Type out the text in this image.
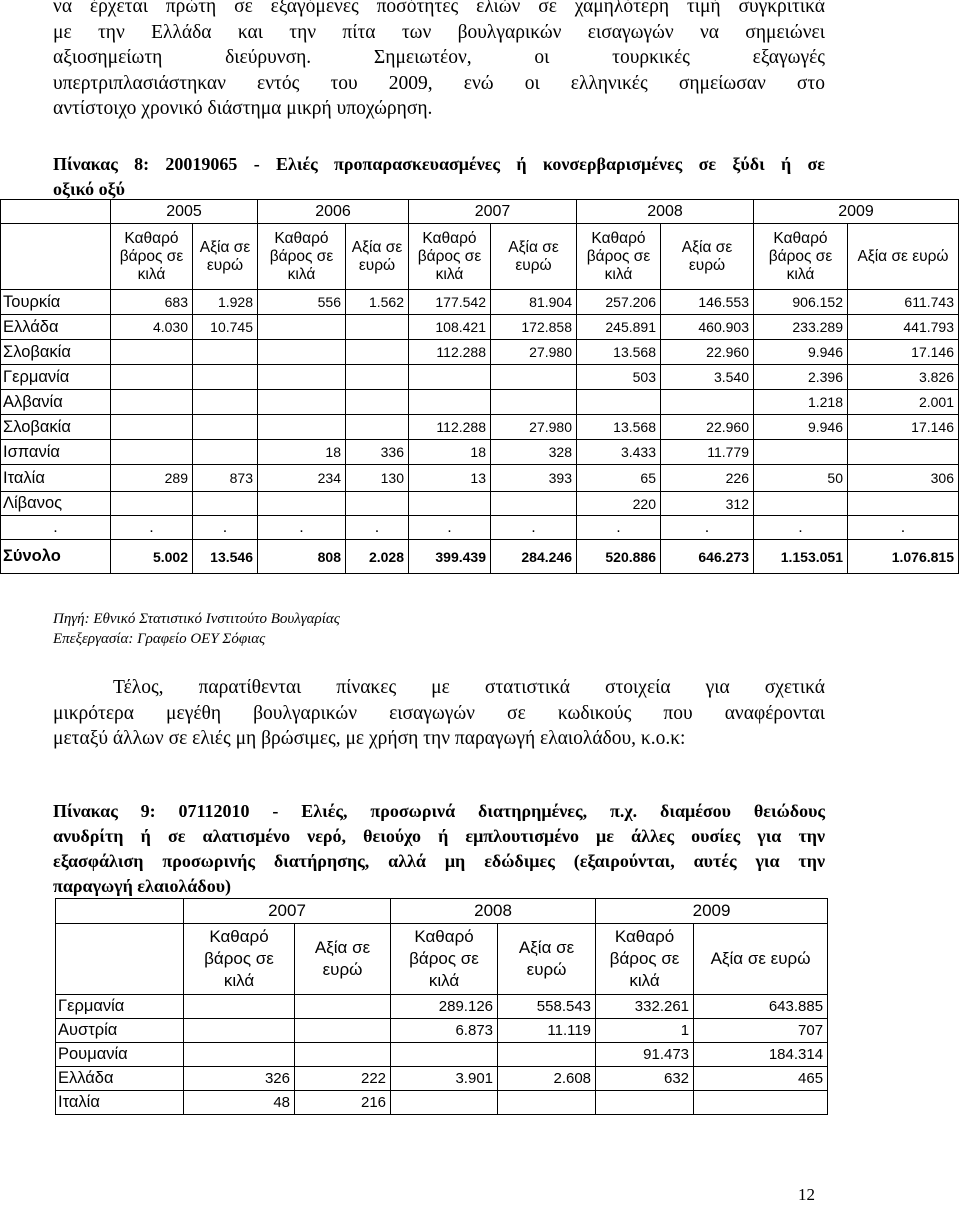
να έρχεται πρώτη σε εξαγόμενες ποσότητες ελιών σε χαμηλότερη τιμή συγκριτικά
με την Ελλάδα και την πίτα των βουλγαρικών εισαγωγών να σημειώνει
αξιοσημείωτη διεύρυνση. Σημειωτέον, οι τουρκικές εξαγωγές
υπερτριπλασιάστηκαν εντός του 2009, ενώ οι ελληνικές σημείωσαν στο
αντίστοιχο χρονικό διάστημα μικρή υποχώρηση.
Πίνακας 8: 20019065 - Ελιές προπαρασκευασμένες ή κονσερβαρισμένες σε ξύδι ή σε
οξικό οξύ
	2005		2006		2007		2008		2009	
	Καθαρό βάρος σε κιλά	Αξία σε ευρώ	Καθαρό βάρος σε κιλά	Αξία σε ευρώ	Καθαρό βάρος σε κιλά	Αξία σε ευρώ	Καθαρό βάρος σε κιλά	Αξία σε ευρώ	Καθαρό βάρος σε κιλά	Αξία σε ευρώ
Τουρκία	683	1.928	556	1.562	177.542	81.904	257.206	146.553	906.152	611.743
Ελλάδα	4.030	10.745			108.421	172.858	245.891	460.903	233.289	441.793
Σλοβακία					112.288	27.980	13.568	22.960	9.946	17.146
Γερμανία							503	3.540	2.396	3.826
Αλβανία									1.218	2.001
Σλοβακία					112.288	27.980	13.568	22.960	9.946	17.146
Ισπανία			18	336	18	328	3.433	11.779		
Ιταλία	289	873	234	130	13	393	65	226	50	306
Λίβανος							220	312		
.	.	.	.	.	.	.	.	.	.	.
Σύνολο	5.002	13.546	808	2.028	399.439	284.246	520.886	646.273	1.153.051	1.076.815
Πηγή: Εθνικό Στατιστικό Ινστιτούτο Βουλγαρίας
Επεξεργασία: Γραφείο ΟΕΥ Σόφιας
Τέλος, παρατίθενται πίνακες με στατιστικά στοιχεία για σχετικά
μικρότερα μεγέθη βουλγαρικών εισαγωγών σε κωδικούς που αναφέρονται
μεταξύ άλλων σε ελιές μη βρώσιμες, με χρήση την παραγωγή ελαιολάδου, κ.ο.κ:
Πίνακας 9: 07112010 - Ελιές, προσωρινά διατηρημένες, π.χ. διαμέσου θειώδους
ανυδρίτη ή σε αλατισμένο νερό, θειούχο ή εμπλουτισμένο με άλλες ουσίες για την
εξασφάλιση προσωρινής διατήρησης, αλλά μη εδώδιμες (εξαιρούνται, αυτές για την
παραγωγή ελαιολάδου)
	2007		2008		2009	
	Καθαρό βάρος σε κιλά	Αξία σε ευρώ	Καθαρό βάρος σε κιλά	Αξία σε ευρώ	Καθαρό βάρος σε κιλά	Αξία σε ευρώ
Γερμανία			289.126	558.543	332.261	643.885
Αυστρία			6.873	11.119	1	707
Ρουμανία					91.473	184.314
Ελλάδα	326	222	3.901	2.608	632	465
Ιταλία	48	216				
12
